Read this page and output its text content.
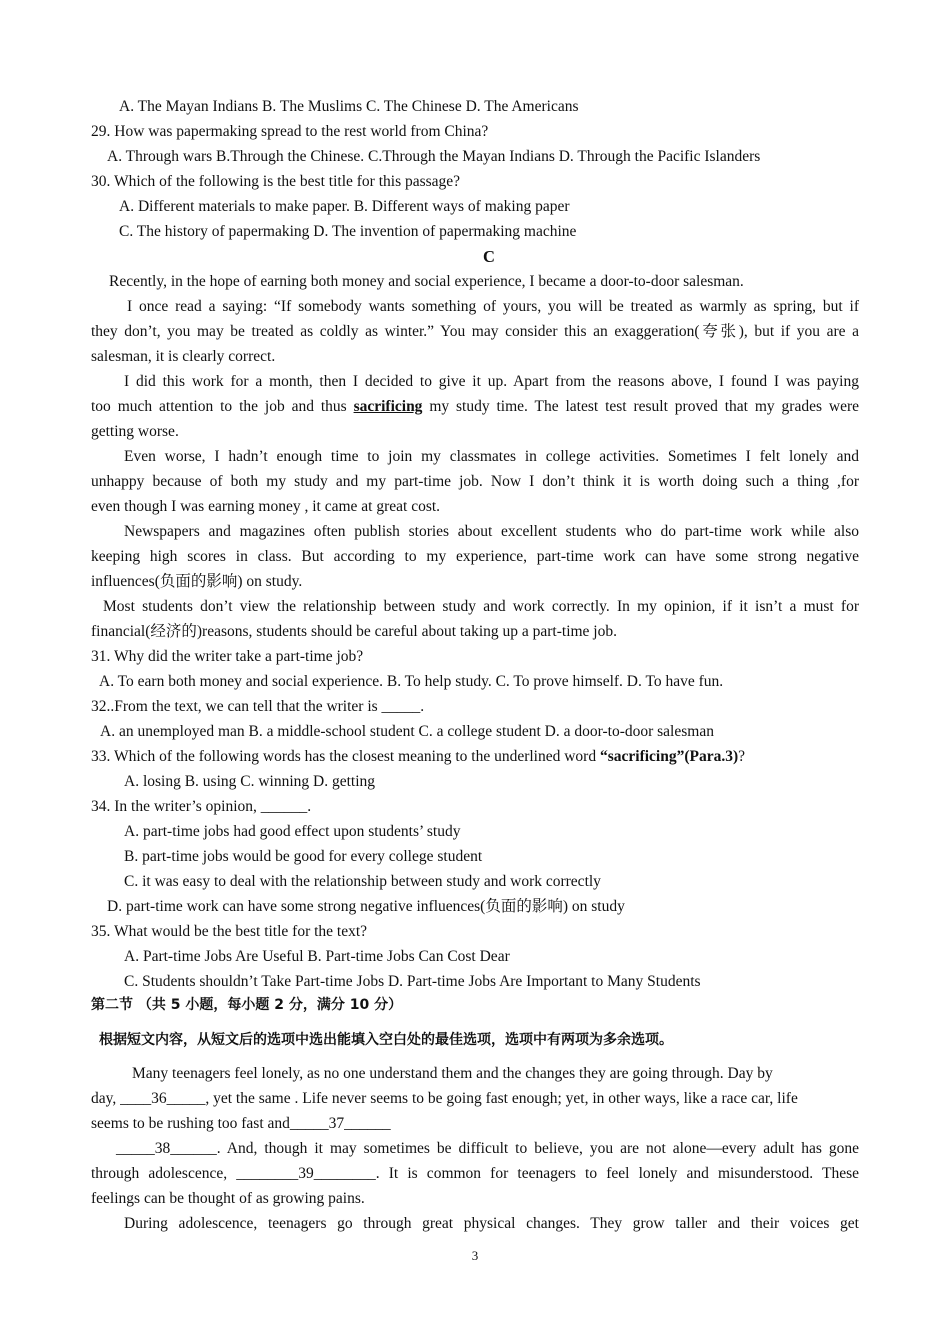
A. The Mayan Indians B. The Muslims C. The Chinese D. The Americans
29. How was papermaking spread to the rest world from China?
A. Through wars B.Through the Chinese. C.Through the Mayan Indians D. Through the Pacific Islanders
30. Which of the following is the best title for this passage?
A. Different materials to make paper. B. Different ways of making paper
C. The history of papermaking D. The invention of papermaking machine
C
Recently, in the hope of earning both money and social experience, I became a door-to-door salesman.
I once read a saying: “If somebody wants something of yours, you will be treated as warmly as spring, but if
they don’t, you may be treated as coldly as winter.” You may consider this an exaggeration(夸张), but if you are a
salesman, it is clearly correct.
I did this work for a month, then I decided to give it up. Apart from the reasons above, I found I was paying
too much attention to the job and thus sacrificing my study time. The latest test result proved that my grades were
getting worse.
Even worse, I hadn’t enough time to join my classmates in college activities. Sometimes I felt lonely and
unhappy because of both my study and my part-time job. Now I don’t think it is worth doing such a thing ,for
even though I was earning money , it came at great cost.
Newspapers and magazines often publish stories about excellent students who do part-time work while also
keeping high scores in class. But according to my experience, part-time work can have some strong negative
influences(负面的影响) on study.
Most students don’t view the relationship between study and work correctly. In my opinion, if it isn’t a must for
financial(经济的)reasons, students should be careful about taking up a part-time job.
31. Why did the writer take a part-time job?
A. To earn both money and social experience. B. To help study. C. To prove himself. D. To have fun.
32..From the text, we can tell that the writer is _____.
A. an unemployed man B. a middle-school student C. a college student D. a door-to-door salesman
33. Which of the following words has the closest meaning to the underlined word “sacrificing”(Para.3)?
A. losing B. using C. winning D. getting
34. In the writer’s opinion, ______.
A. part-time jobs had good effect upon students’ study
B. part-time jobs would be good for every college student
C. it was easy to deal with the relationship between study and work correctly
D. part-time work can have some strong negative influences(负面的影响) on study
35. What would be the best title for the text?
A. Part-time Jobs Are Useful B. Part-time Jobs Can Cost Dear
C. Students shouldn’t Take Part-time Jobs D. Part-time Jobs Are Important to Many Students
第二节 （共 5 小题，每小题 2 分，满分 10 分）
根据短文内容，从短文后的选项中选出能填入空白处的最佳选项，选项中有两项为多余选项。
Many teenagers feel lonely, as no one understand them and the changes they are going through. Day by
day, ____36_____, yet the same . Life never seems to be going fast enough; yet, in other ways, like a race car, life
seems to be rushing too fast and_____37______
_____38______. And, though it may sometimes be difficult to believe, you are not alone—every adult has gone
through adolescence, ________39________. It is common for teenagers to feel lonely and misunderstood. These
feelings can be thought of as growing pains.
During adolescence, teenagers go through great physical changes. They grow taller and their voices get
3
